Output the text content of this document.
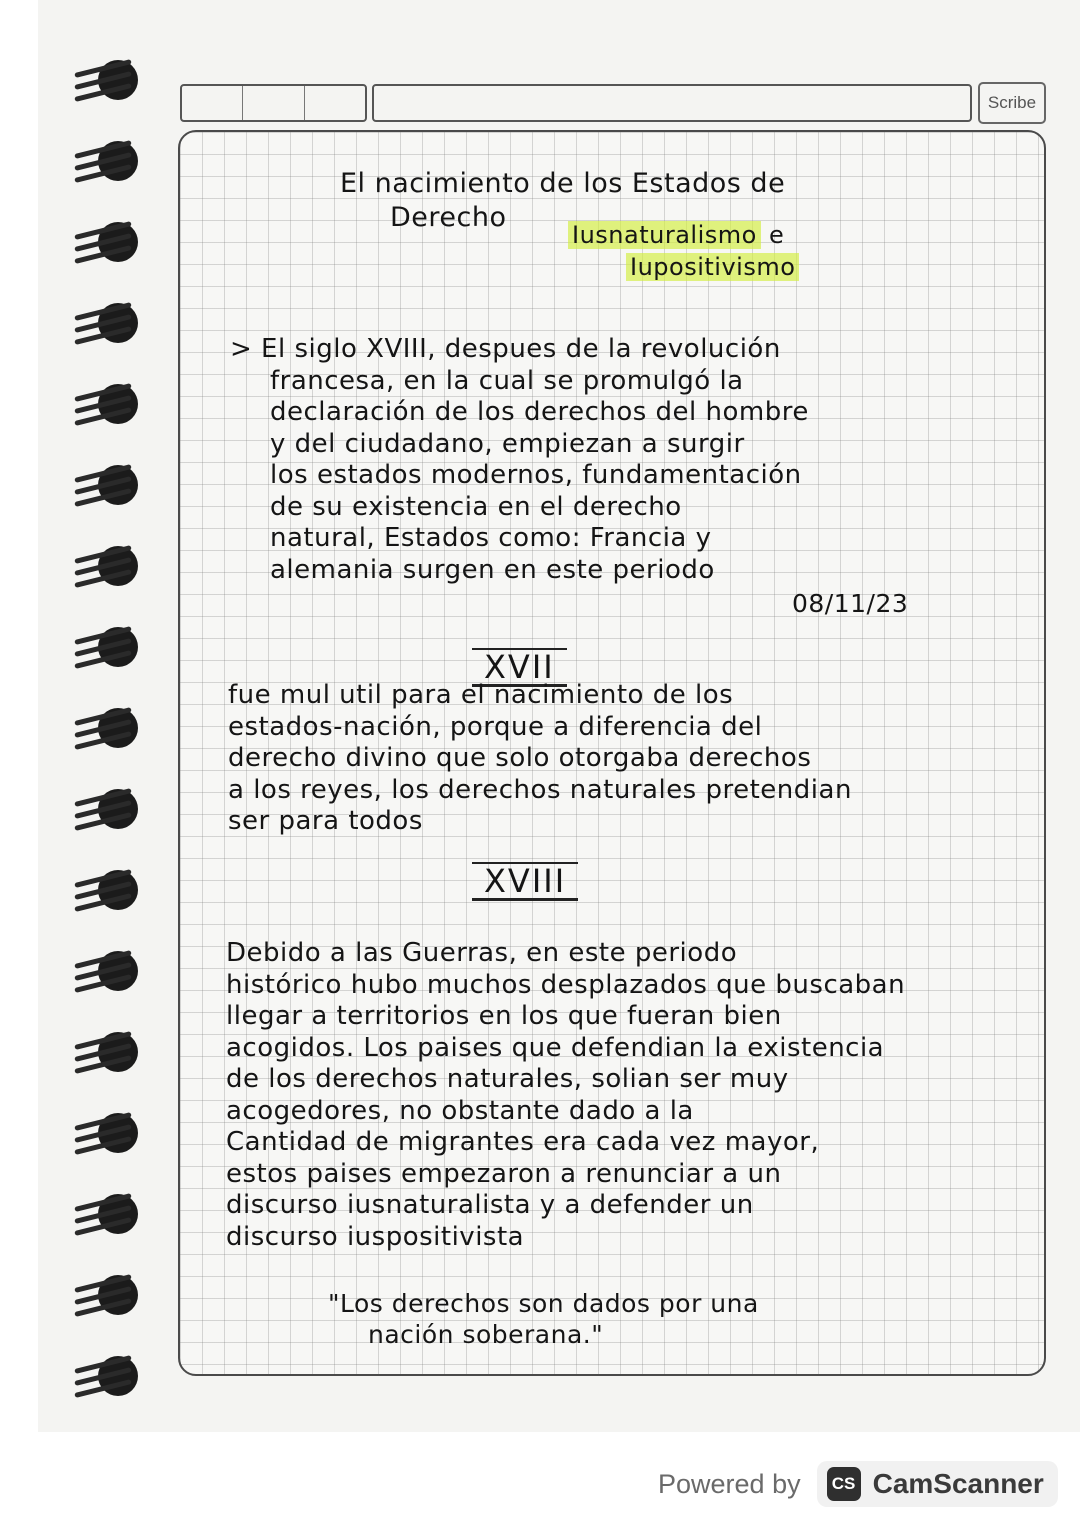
Scribe
El nacimiento de los Estados de
Derecho
Iusnaturalismo e
Iupositivismo
> El siglo XVIII, despues de la revolución
francesa, en la cual se promulgó la
declaración de los derechos del hombre
y del ciudadano, empiezan a surgir
los estados modernos, fundamentación
de su existencia en el derecho
natural, Estados como: Francia y
alemania surgen en este periodo
08/11/23
XVII
fue mul util para el nacimiento de los
estados-nación, porque a diferencia del
derecho divino que solo otorgaba derechos
a los reyes, los derechos naturales pretendian
ser para todos
XVIII
Debido a las Guerras, en este periodo
histórico hubo muchos desplazados que buscaban
llegar a territorios en los que fueran bien
acogidos. Los paises que defendian la existencia
de los derechos naturales, solian ser muy
acogedores, no obstante dado a la
Cantidad de migrantes era cada vez mayor,
estos paises empezaron a renunciar a un
discurso iusnaturalista y a defender un
discurso iuspositivista
"Los derechos son dados por una
nación soberana."
Powered by	CS CamScanner
